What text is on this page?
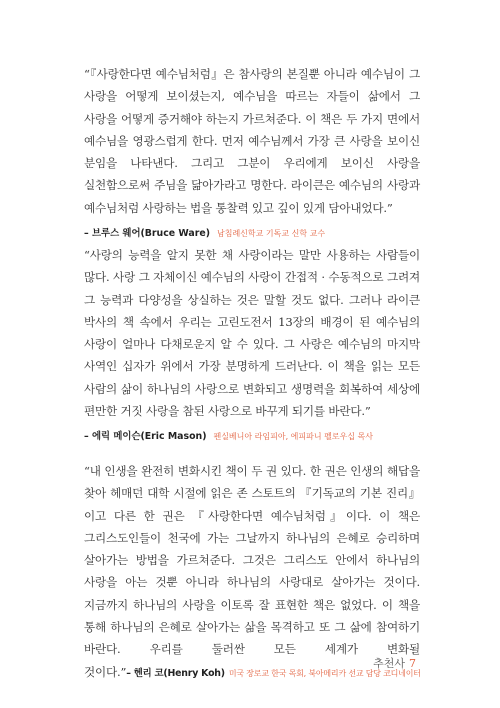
“『사랑한다면 예수님처럼』은 참사랑의 본질뿐 아니라 예수님이 그 사랑을 어떻게 보이셨는지, 예수님을 따르는 자들이 삶에서 그 사랑을 어떻게 증거해야 하는지 가르쳐준다. 이 책은 두 가지 면에서 예수님을 영광스럽게 한다. 먼저 예수님께서 가장 큰 사랑을 보이신 분임을 나타낸다. 그리고 그분이 우리에게 보이신 사랑을 실천함으로써 주님을 닮아가라고 명한다. 라이큰은 예수님의 사랑과 예수님처럼 사랑하는 법을 통찰력 있고 깊이 있게 담아내었다.”

– 브루스 웨어(Bruce Ware) 남침례신학교 기독교 신학 교수

“사랑의 능력을 알지 못한 채 사랑이라는 말만 사용하는 사람들이 많다. 사랑 그 자체이신 예수님의 사랑이 간접적 · 수동적으로 그려져 그 능력과 다양성을 상실하는 것은 말할 것도 없다. 그러나 라이큰 박사의 책 속에서 우리는 고린도전서 13장의 배경이 된 예수님의 사랑이 얼마나 다채로운지 알 수 있다. 그 사랑은 예수님의 마지막 사역인 십자가 위에서 가장 분명하게 드러난다. 이 책을 읽는 모든 사람의 삶이 하나님의 사랑으로 변화되고 생명력을 회복하여 세상에 편만한 거짓 사랑을 참된 사랑으로 바꾸게 되기를 바란다.”

– 에릭 메이슨(Eric Mason) 펜실베니아 라임피아, 에피파니 펠로우십 목사

“내 인생을 완전히 변화시킨 책이 두 권 있다. 한 권은 인생의 해답을 찾아 헤매던 대학 시절에 읽은 존 스토트의 『기독교의 기본 진리』이고 다른 한 권은 『사랑한다면 예수님처럼』이다. 이 책은 그리스도인들이 천국에 가는 그날까지 하나님의 은혜로 승리하며 살아가는 방법을 가르쳐준다. 그것은 그리스도 안에서 하나님의 사랑을 아는 것뿐 아니라 하나님의 사랑대로 살아가는 것이다. 지금까지 하나님의 사랑을 이토록 잘 표현한 책은 없었다. 이 책을 통해 하나님의 은혜로 살아가는 삶을 목격하고 또 그 삶에 참여하기 바란다. 우리를 둘러싼 모든 세계가 변화될 것이다.”– 헨리 코(Henry Koh) 미국 장로교 한국 목회, 북아메리카 선교 담당 코디네이터

추천사 7
